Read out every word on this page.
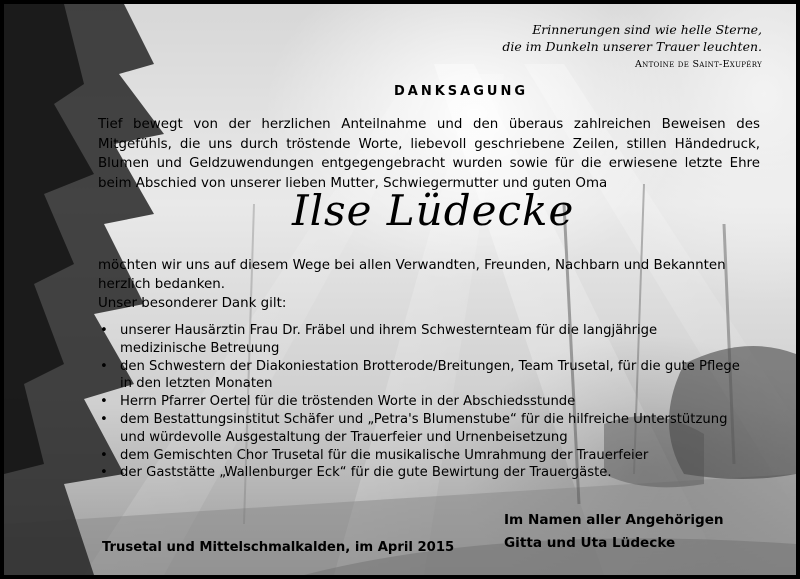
Erinnerungen sind wie helle Sterne,
die im Dunkeln unserer Trauer leuchten.
Antoine de Saint-Exupéry
DANKSAGUNG
Tief bewegt von der herzlichen Anteilnahme und den überaus zahlreichen Beweisen des Mitgefühls, die uns durch tröstende Worte, liebevoll geschriebene Zeilen, stillen Händedruck, Blumen und Geldzuwendungen entgegengebracht wurden sowie für die erwiesene letzte Ehre beim Abschied von unserer lieben Mutter, Schwiegermutter und guten Oma
Ilse Lüdecke
möchten wir uns auf diesem Wege bei allen Verwandten, Freunden, Nachbarn und Bekannten herzlich bedanken.
Unser besonderer Dank gilt:
• unserer Hausärztin Frau Dr. Fräbel und ihrem Schwesternteam für die langjährige medizinische Betreuung
• den Schwestern der Diakoniestation Brotterode/Breitungen, Team Trusetal, für die gute Pflege in den letzten Monaten
• Herrn Pfarrer Oertel für die tröstenden Worte in der Abschiedsstunde
• dem Bestattungsinstitut Schäfer und „Petra's Blumenstube“ für die hilfreiche Unterstützung und würdevolle Ausgestaltung der Trauerfeier und Urnenbeisetzung
• dem Gemischten Chor Trusetal für die musikalische Umrahmung der Trauerfeier
• der Gaststätte „Wallenburger Eck“ für die gute Bewirtung der Trauergäste.
Trusetal und Mittelschmalkalden, im April 2015
Im Namen aller Angehörigen
Gitta und Uta Lüdecke
